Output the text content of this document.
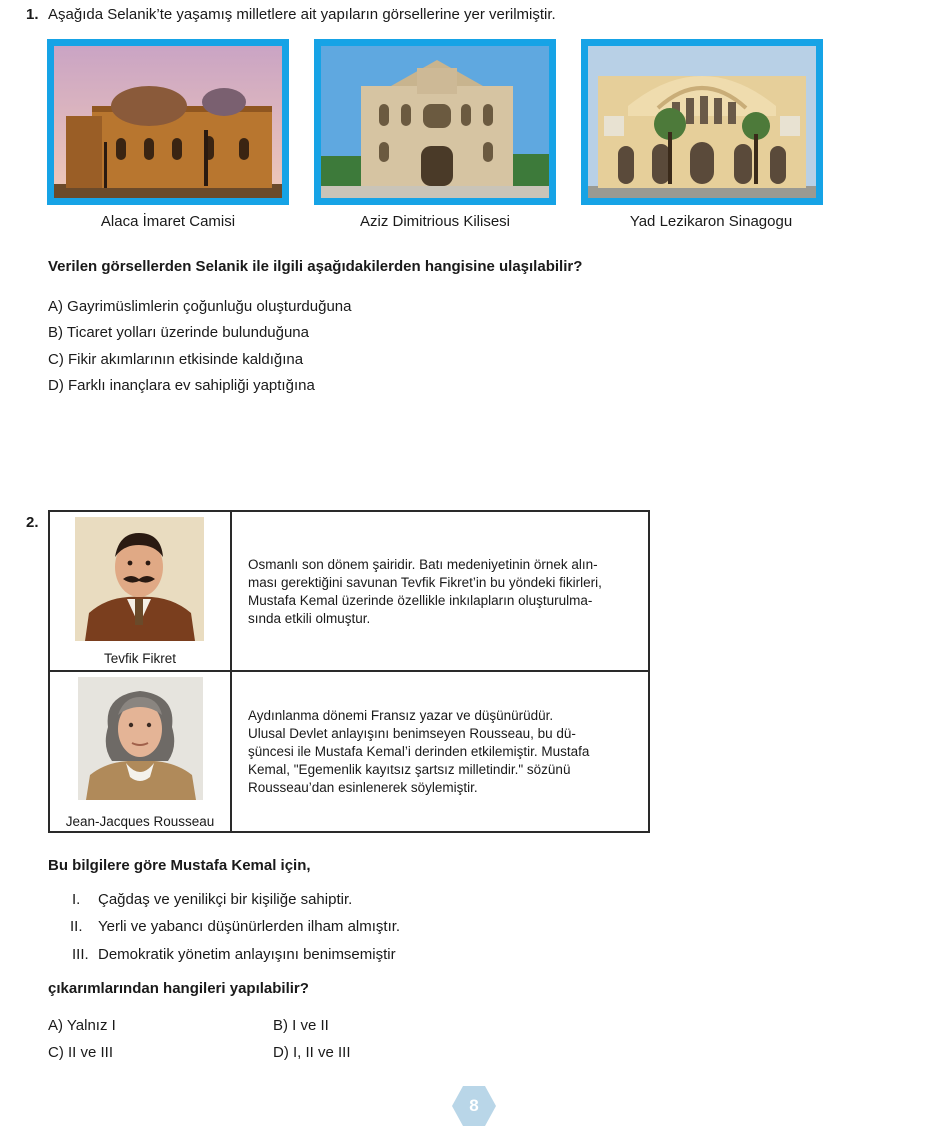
1. Aşağıda Selanik’te yaşamış milletlere ait yapıların görsellerine yer verilmiştir.
Alaca İmaret Camisi	Aziz Dimitrious Kilisesi	Yad Lezikaron Sinagogu
Verilen görsellerden Selanik ile ilgili aşağıdakilerden hangisine ulaşılabilir?
A) Gayrimüslimlerin çoğunluğu oluşturduğuna
B) Ticaret yolları üzerinde bulunduğuna
C) Fikir akımlarının etkisinde kaldığına
D) Farklı inançlara ev sahipliği yaptığına
2.
Tevfik Fikret
Osmanlı son dönem şairidir. Batı medeniyetinin örnek alın-
ması gerektiğini savunan Tevfik Fikret’in bu yöndeki fikirleri,
Mustafa Kemal üzerinde özellikle inkılapların oluşturulma-
sında etkili olmuştur.
Jean-Jacques Rousseau
Aydınlanma dönemi Fransız yazar ve düşünürüdür.
Ulusal Devlet anlayışını benimseyen Rousseau, bu dü-
şüncesi ile Mustafa Kemal’i derinden etkilemiştir. Mustafa
Kemal, "Egemenlik kayıtsız şartsız milletindir." sözünü
Rousseau’dan esinlenerek söylemiştir.
Bu bilgilere göre Mustafa Kemal için,
I. Çağdaş ve yenilikçi bir kişiliğe sahiptir.
II. Yerli ve yabancı düşünürlerden ilham almıştır.
III. Demokratik yönetim anlayışını benimsemiştir
çıkarımlarından hangileri yapılabilir?
A) Yalnız I	B) I ve II
C) II ve III	D) I, II ve III
8
